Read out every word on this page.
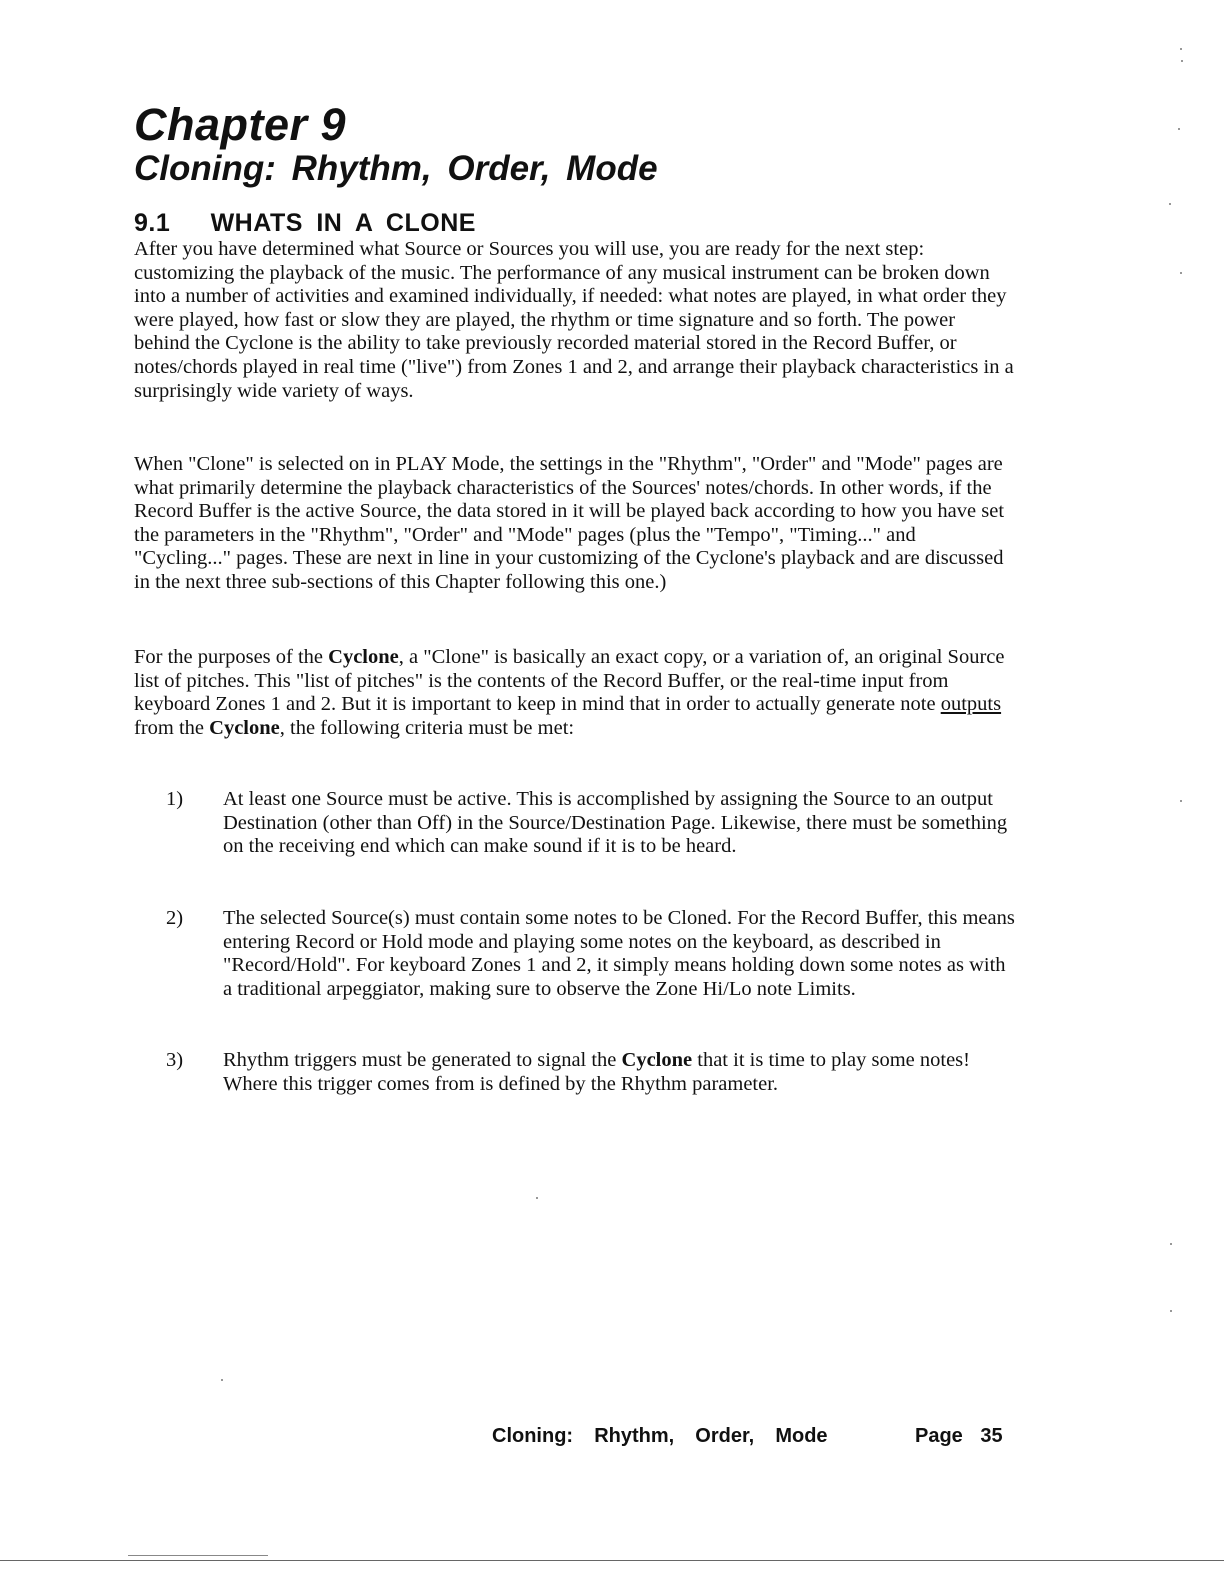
Chapter 9
Cloning: Rhythm, Order, Mode
9.1   WHATS IN A CLONE

After you have determined what Source or Sources you will use, you are ready for the next step: customizing the playback of the music. The performance of any musical instrument can be broken down into a number of activities and examined individually, if needed: what notes are played, in what order they were played, how fast or slow they are played, the rhythm or time signature and so forth. The power behind the Cyclone is the ability to take previously recorded material stored in the Record Buffer, or notes/chords played in real time ("live") from Zones 1 and 2, and arrange their playback characteristics in a surprisingly wide variety of ways.

When "Clone" is selected on in PLAY Mode, the settings in the "Rhythm", "Order" and "Mode" pages are what primarily determine the playback characteristics of the Sources' notes/chords. In other words, if the Record Buffer is the active Source, the data stored in it will be played back according to how you have set the parameters in the "Rhythm", "Order" and "Mode" pages (plus the "Tempo", "Timing..." and "Cycling..." pages. These are next in line in your customizing of the Cyclone's playback and are discussed in the next three sub-sections of this Chapter following this one.)

For the purposes of the Cyclone, a "Clone" is basically an exact copy, or a variation of, an original Source list of pitches. This "list of pitches" is the contents of the Record Buffer, or the real-time input from keyboard Zones 1 and 2. But it is important to keep in mind that in order to actually generate note outputs from the Cyclone, the following criteria must be met:

1)	At least one Source must be active. This is accomplished by assigning the Source to an output Destination (other than Off) in the Source/Destination Page. Likewise, there must be something on the receiving end which can make sound if it is to be heard.
2)	The selected Source(s) must contain some notes to be Cloned. For the Record Buffer, this means entering Record or Hold mode and playing some notes on the keyboard, as described in "Record/Hold". For keyboard Zones 1 and 2, it simply means holding down some notes as with a traditional arpeggiator, making sure to observe the Zone Hi/Lo note Limits.
3)	Rhythm triggers must be generated to signal the Cyclone that it is time to play some notes! Where this trigger comes from is defined by the Rhythm parameter.
Cloning:  Rhythm,  Order,  Mode	Page 35
